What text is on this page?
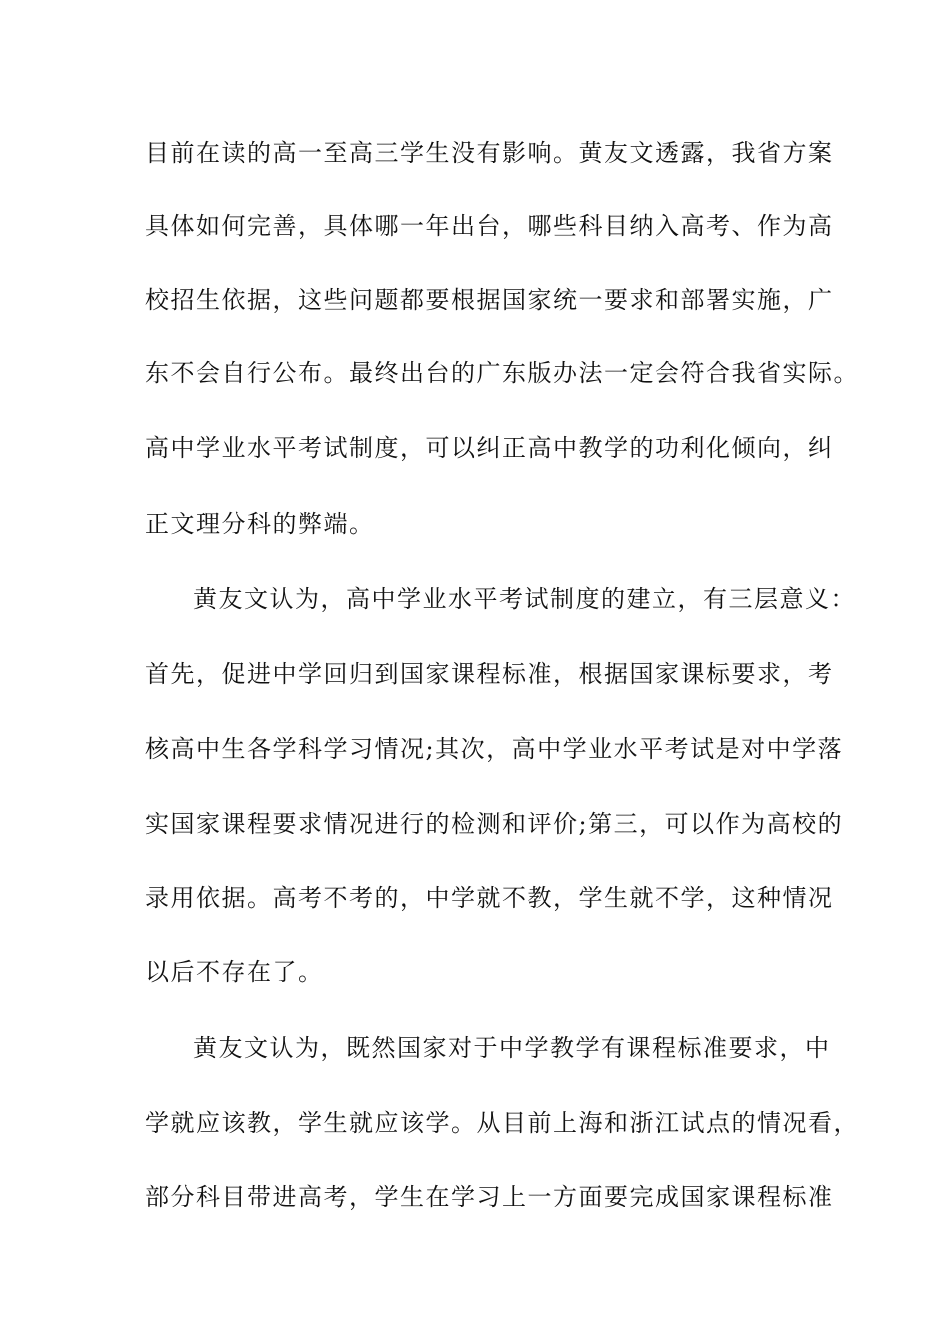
目前在读的高一至高三学生没有影响。黄友文透露，我省方案
具体如何完善，具体哪一年出台，哪些科目纳入高考、作为高
校招生依据，这些问题都要根据国家统一要求和部署实施，广
东不会自行公布。最终出台的广东版办法一定会符合我省实际。
高中学业水平考试制度，可以纠正高中教学的功利化倾向，纠
正文理分科的弊端。
黄友文认为，高中学业水平考试制度的建立，有三层意义：
首先，促进中学回归到国家课程标准，根据国家课标要求，考
核高中生各学科学习情况;其次，高中学业水平考试是对中学落
实国家课程要求情况进行的检测和评价;第三，可以作为高校的
录用依据。高考不考的，中学就不教，学生就不学，这种情况
以后不存在了。
黄友文认为，既然国家对于中学教学有课程标准要求，中
学就应该教，学生就应该学。从目前上海和浙江试点的情况看，
部分科目带进高考，学生在学习上一方面要完成国家课程标准
